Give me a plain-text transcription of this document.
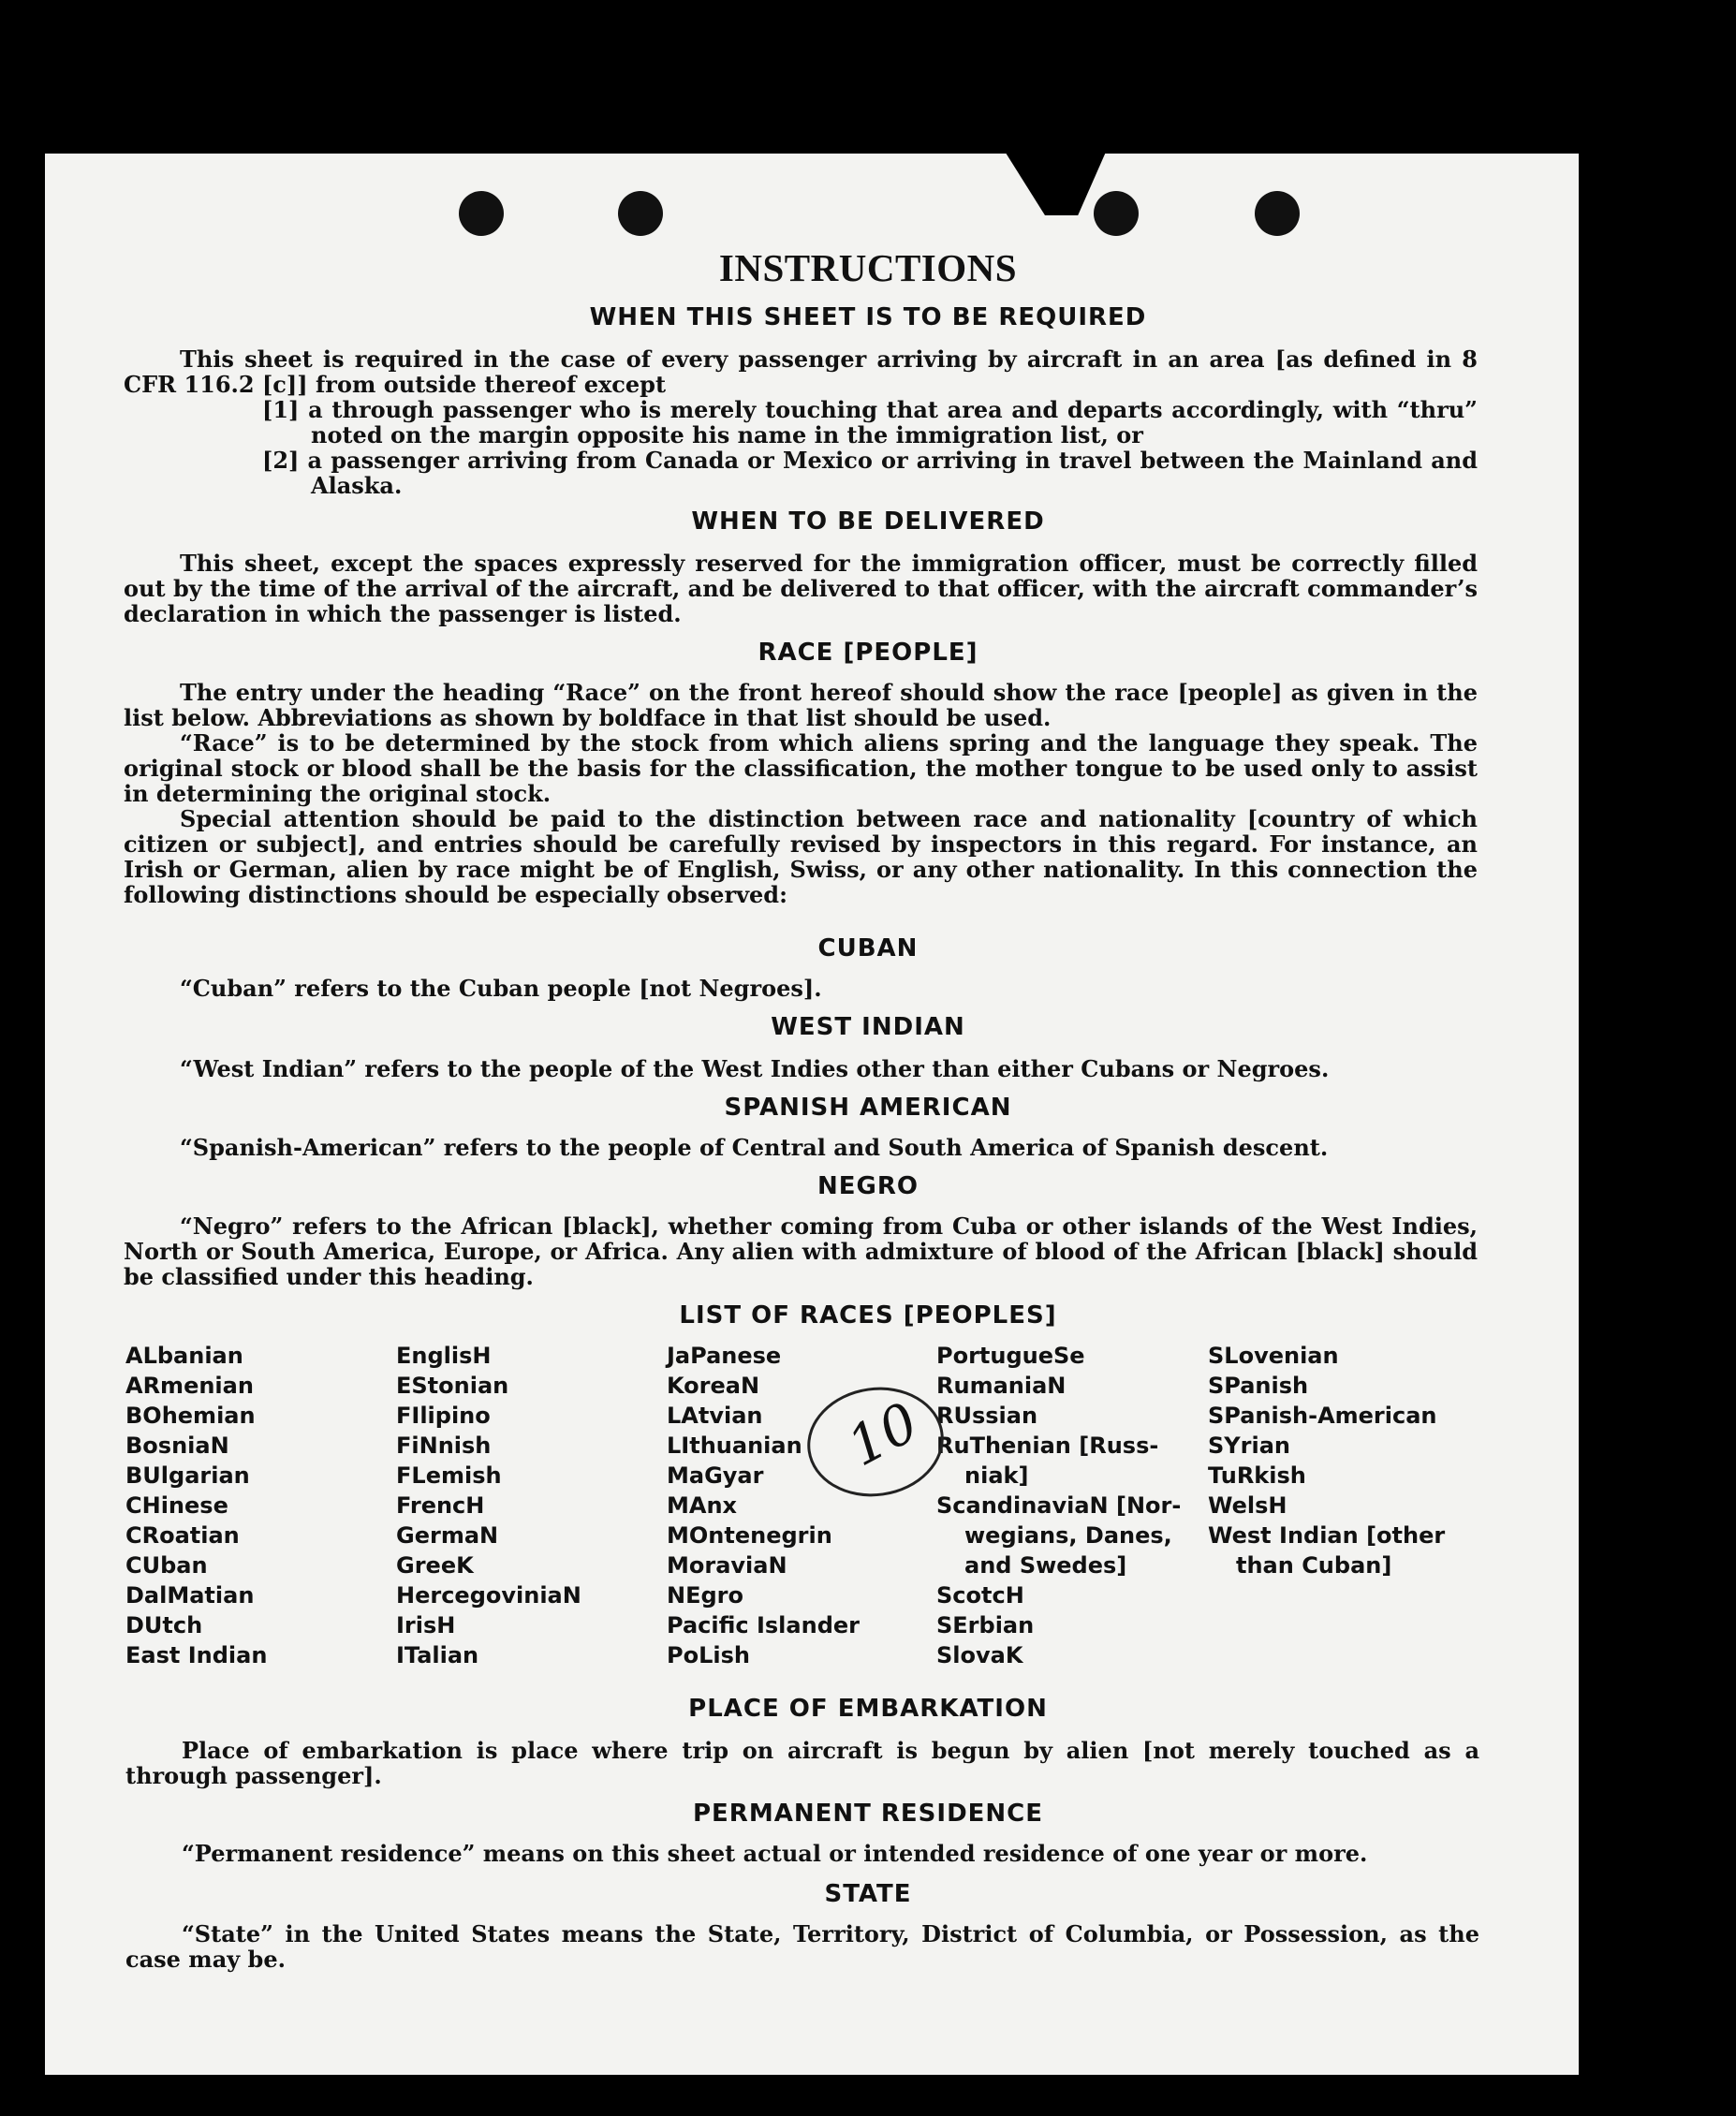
INSTRUCTIONS
WHEN THIS SHEET IS TO BE REQUIRED

This sheet is required in the case of every passenger arriving by aircraft in an area [as defined in 8 CFR 116.2 [c]] from outside thereof except

[1] a through passenger who is merely touching that area and departs accordingly, with “thru” noted on the margin opposite his name in the immigration list, or

[2] a passenger arriving from Canada or Mexico or arriving in travel between the Mainland and Alaska.

WHEN TO BE DELIVERED

This sheet, except the spaces expressly reserved for the immigration officer, must be correctly filled out by the time of the arrival of the aircraft, and be delivered to that officer, with the aircraft commander’s declaration in which the passenger is listed.

RACE [PEOPLE]

The entry under the heading “Race” on the front hereof should show the race [people] as given in the list below. Abbreviations as shown by boldface in that list should be used.

“Race” is to be determined by the stock from which aliens spring and the language they speak. The original stock or blood shall be the basis for the classification, the mother tongue to be used only to assist in determining the original stock.

Special attention should be paid to the distinction between race and nationality [country of which citizen or subject], and entries should be carefully revised by inspectors in this regard. For instance, an Irish or German, alien by race might be of English, Swiss, or any other nationality. In this connection the following distinctions should be especially observed:

CUBAN

“Cuban” refers to the Cuban people [not Negroes].

WEST INDIAN

“West Indian” refers to the people of the West Indies other than either Cubans or Negroes.

SPANISH AMERICAN

“Spanish-American” refers to the people of Central and South America of Spanish descent.

NEGRO

“Negro” refers to the African [black], whether coming from Cuba or other islands of the West Indies, North or South America, Europe, or Africa. Any alien with admixture of blood of the African [black] should be classified under this heading.

LIST OF RACES [PEOPLES]
ALbanian
ARmenian
BOhemian
BosniaN
BUlgarian
CHinese
CRoatian
CUban
DalMatian
DUtch
East Indian
EnglisH
EStonian
FIlipino
FiNnish
FLemish
FrencH
GermaN
GreeK
HercegoviniaN
IrisH
ITalian
JaPanese
KoreaN
LAtvian
LIthuanian
MaGyar
MAnx
MOntenegrin
MoraviaN
NEgro
Pacific Islander
PoLish
PortugueSe
RumaniaN
RUssian
RuThenian [Russ-
niak]
ScandinaviaN [Nor-
wegians, Danes,
and Swedes]
ScotcH
SErbian
SlovaK
SLovenian
SPanish
SPanish-American
SYrian
TuRkish
WelsH
West Indian [other
than Cuban]
10
PLACE OF EMBARKATION

Place of embarkation is place where trip on aircraft is begun by alien [not merely touched as a through passenger].

PERMANENT RESIDENCE

“Permanent residence” means on this sheet actual or intended residence of one year or more.

STATE

“State” in the United States means the State, Territory, District of Columbia, or Possession, as the case may be.
